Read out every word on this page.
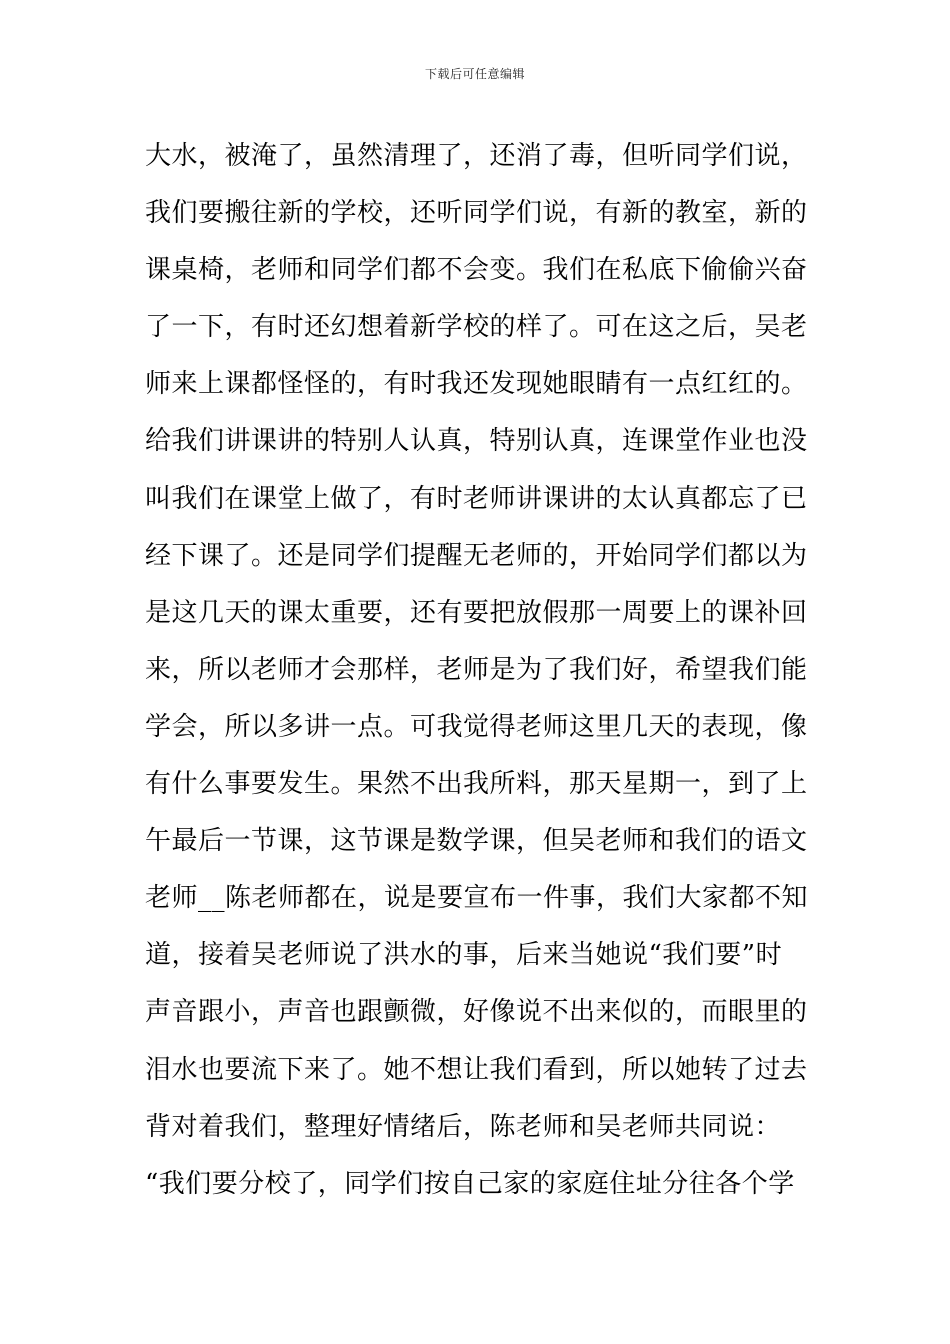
下载后可任意编辑
大水，被淹了，虽然清理了，还消了毒，但听同学们说，
我们要搬往新的学校，还听同学们说，有新的教室，新的
课桌椅，老师和同学们都不会变。我们在私底下偷偷兴奋
了一下，有时还幻想着新学校的样了。可在这之后，吴老
师来上课都怪怪的，有时我还发现她眼睛有一点红红的。
给我们讲课讲的特别人认真，特别认真，连课堂作业也没
叫我们在课堂上做了，有时老师讲课讲的太认真都忘了已
经下课了。还是同学们提醒无老师的，开始同学们都以为
是这几天的课太重要，还有要把放假那一周要上的课补回
来，所以老师才会那样，老师是为了我们好，希望我们能
学会，所以多讲一点。可我觉得老师这里几天的表现，像
有什么事要发生。果然不出我所料，那天星期一，到了上
午最后一节课，这节课是数学课，但吴老师和我们的语文
老师__陈老师都在，说是要宣布一件事，我们大家都不知
道，接着吴老师说了洪水的事，后来当她说“我们要”时
声音跟小，声音也跟颤微，好像说不出来似的，而眼里的
泪水也要流下来了。她不想让我们看到，所以她转了过去
背对着我们，整理好情绪后，陈老师和吴老师共同说：
“我们要分校了，同学们按自己家的家庭住址分往各个学
